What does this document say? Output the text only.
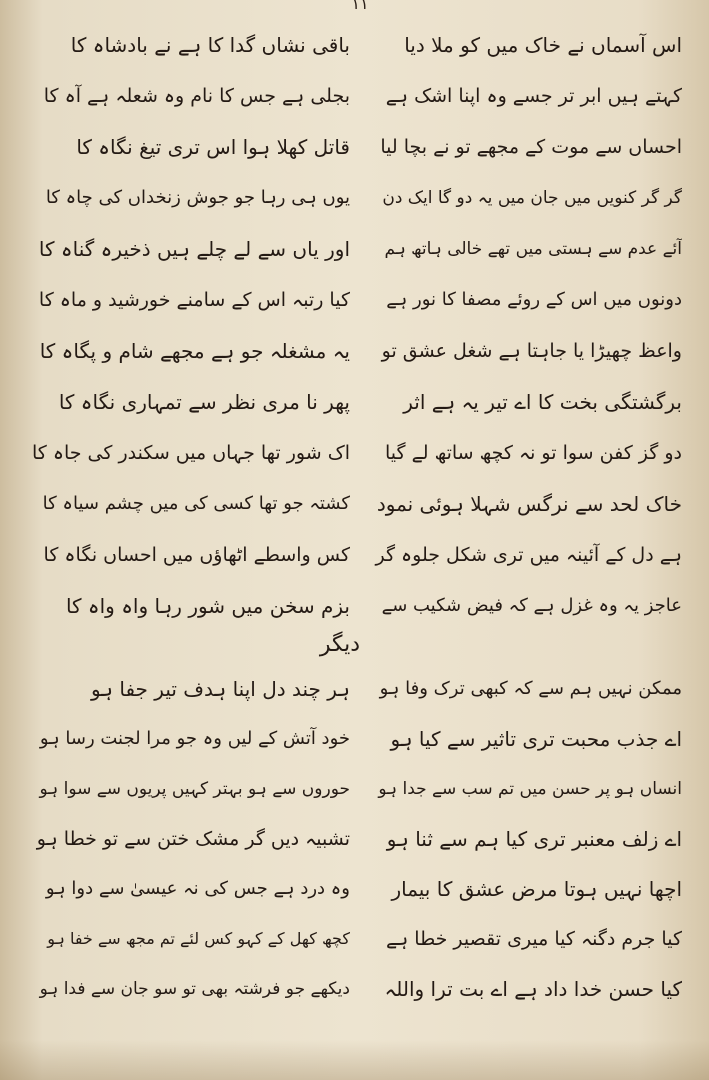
۱۱
اس آسماں نے خاک میں کو ملا دیا
کہتے ہیں ابر تر جسے وہ اپنا اشک ہے
احساں سے موت کے مجھے تو نے بچا لیا
گر گر کنویں میں جان میں یہ دو گا ایک دن
آئے عدم سے ہستی میں تھے خالی ہاتھ ہم
دونوں میں اس کے روئے مصفا کا نور ہے
واعظ چھیڑا یا جاہتا ہے شغل عشق تو
برگشتگی بخت کا اے تیر یہ ہے اثر
دو گز کفن سوا تو نہ کچھ ساتھ لے گیا
خاک لحد سے نرگس شہلا ہوئی نمود
ہے دل کے آئینہ میں تری شکل جلوہ گر
عاجز یہ وہ غزل ہے کہ فیض شکیب سے
باقی نشاں گدا کا ہے نے بادشاہ کا
بجلی ہے جس کا نام وہ شعلہ ہے آہ کا
قاتل کھلا ہوا اس تری تیغ نگاہ کا
یوں ہی رہا جو جوش زنخداں کی چاہ کا
اور یاں سے لے چلے ہیں ذخیرہ گناہ کا
کیا رتبہ اس کے سامنے خورشید و ماہ کا
یہ مشغلہ جو ہے مجھے شام و پگاہ کا
پھر نا مری نظر سے تمہاری نگاہ کا
اک شور تھا جہاں میں سکندر کی جاہ کا
کشتہ جو تھا کسی کی میں چشم سیاہ کا
کس واسطے اٹھاؤں میں احساں نگاہ کا
بزم سخن میں شور رہا واہ واہ کا
دیگر
ممکن نہیں ہم سے کہ کبھی ترک وفا ہو
اے جذب محبت تری تاثیر سے کیا ہو
انساں ہو پر حسن میں تم سب سے جدا ہو
اے زلف معنبر تری کیا ہم سے ثنا ہو
اچھا نہیں ہوتا مرض عشق کا بیمار
کیا جرم دگنہ کیا میری تقصیر خطا ہے
کیا حسن خدا داد ہے اے بت ترا واللہ
ہر چند دل اپنا ہدف تیر جفا ہو
خود آتش کے لیں وہ جو مرا لجنت رسا ہو
حوروں سے ہو بہتر کہیں پریوں سے سوا ہو
تشبیہ دیں گر مشک ختن سے تو خطا ہو
وہ درد ہے جس کی نہ عیسیٰ سے دوا ہو
کچھ کھل کے کہو کس لئے تم مجھ سے خفا ہو
دیکھے جو فرشتہ بھی تو سو جان سے فدا ہو
